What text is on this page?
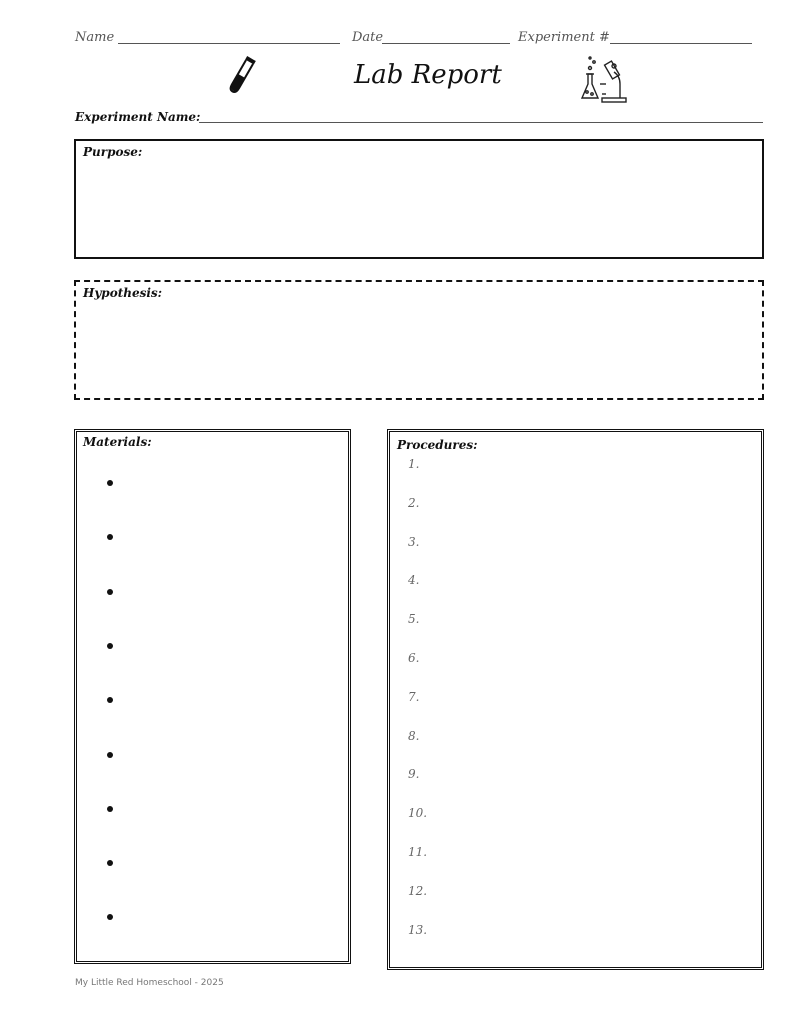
Name	Date	Experiment #
Lab Report
Experiment Name:
Purpose:
Hypothesis:
Materials:	Procedures:
1.
2.
3.
4.
5.
6.
7.
8.
9.
10.
11.
12.
13.
My Little Red Homeschool - 2025
